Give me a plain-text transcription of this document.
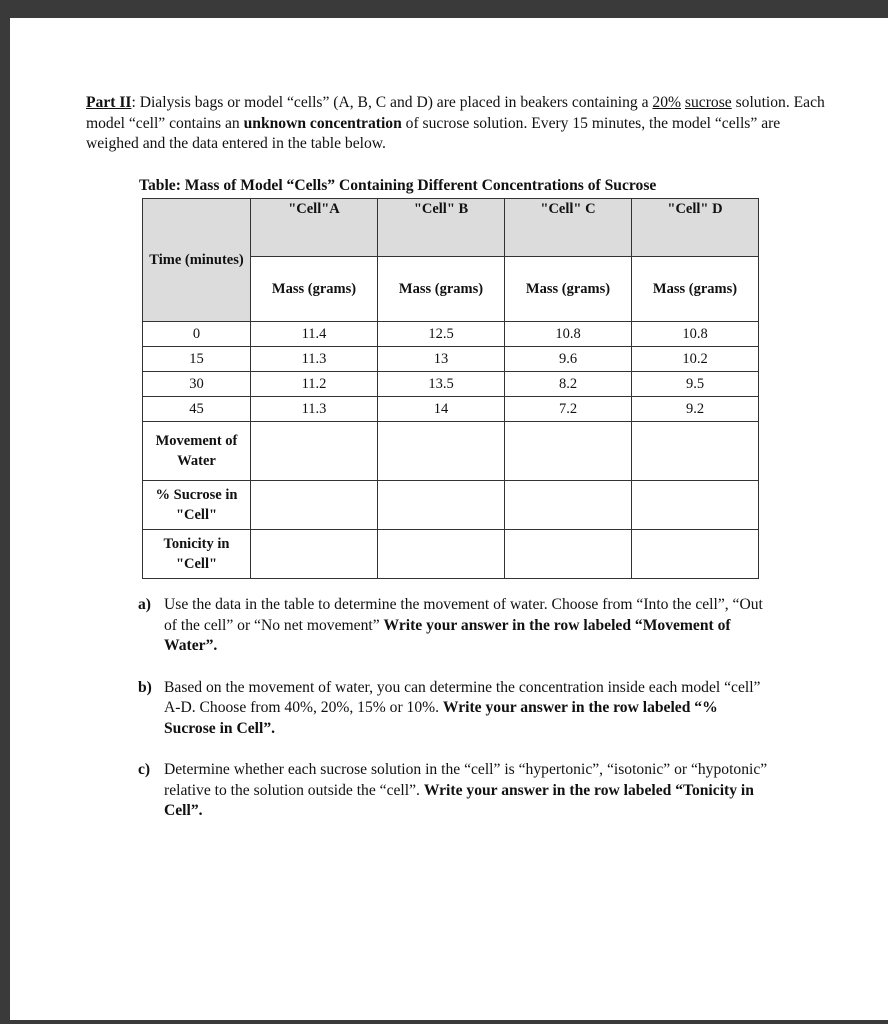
Part II: Dialysis bags or model “cells” (A, B, C and D) are placed in beakers containing a 20% sucrose solution. Each model “cell” contains an unknown concentration of sucrose solution. Every 15 minutes, the model “cells” are weighed and the data entered in the table below.
Table: Mass of Model “Cells” Containing Different Concentrations of Sucrose
Time (minutes)	"Cell"A	"Cell" B	"Cell" C	"Cell" D
	Mass (grams)	Mass (grams)	Mass (grams)	Mass (grams)
0	11.4	12.5	10.8	10.8
15	11.3	13	9.6	10.2
30	11.2	13.5	8.2	9.5
45	11.3	14	7.2	9.2
Movement of Water				
% Sucrose in "Cell"				
Tonicity in "Cell"				
a) Use the data in the table to determine the movement of water. Choose from “Into the cell”, “Out of the cell” or “No net movement” Write your answer in the row labeled “Movement of Water”.
b) Based on the movement of water, you can determine the concentration inside each model “cell” A-D. Choose from 40%, 20%, 15% or 10%. Write your answer in the row labeled “% Sucrose in Cell”.
c) Determine whether each sucrose solution in the “cell” is “hypertonic”, “isotonic” or “hypotonic” relative to the solution outside the “cell”. Write your answer in the row labeled “Tonicity in Cell”.
